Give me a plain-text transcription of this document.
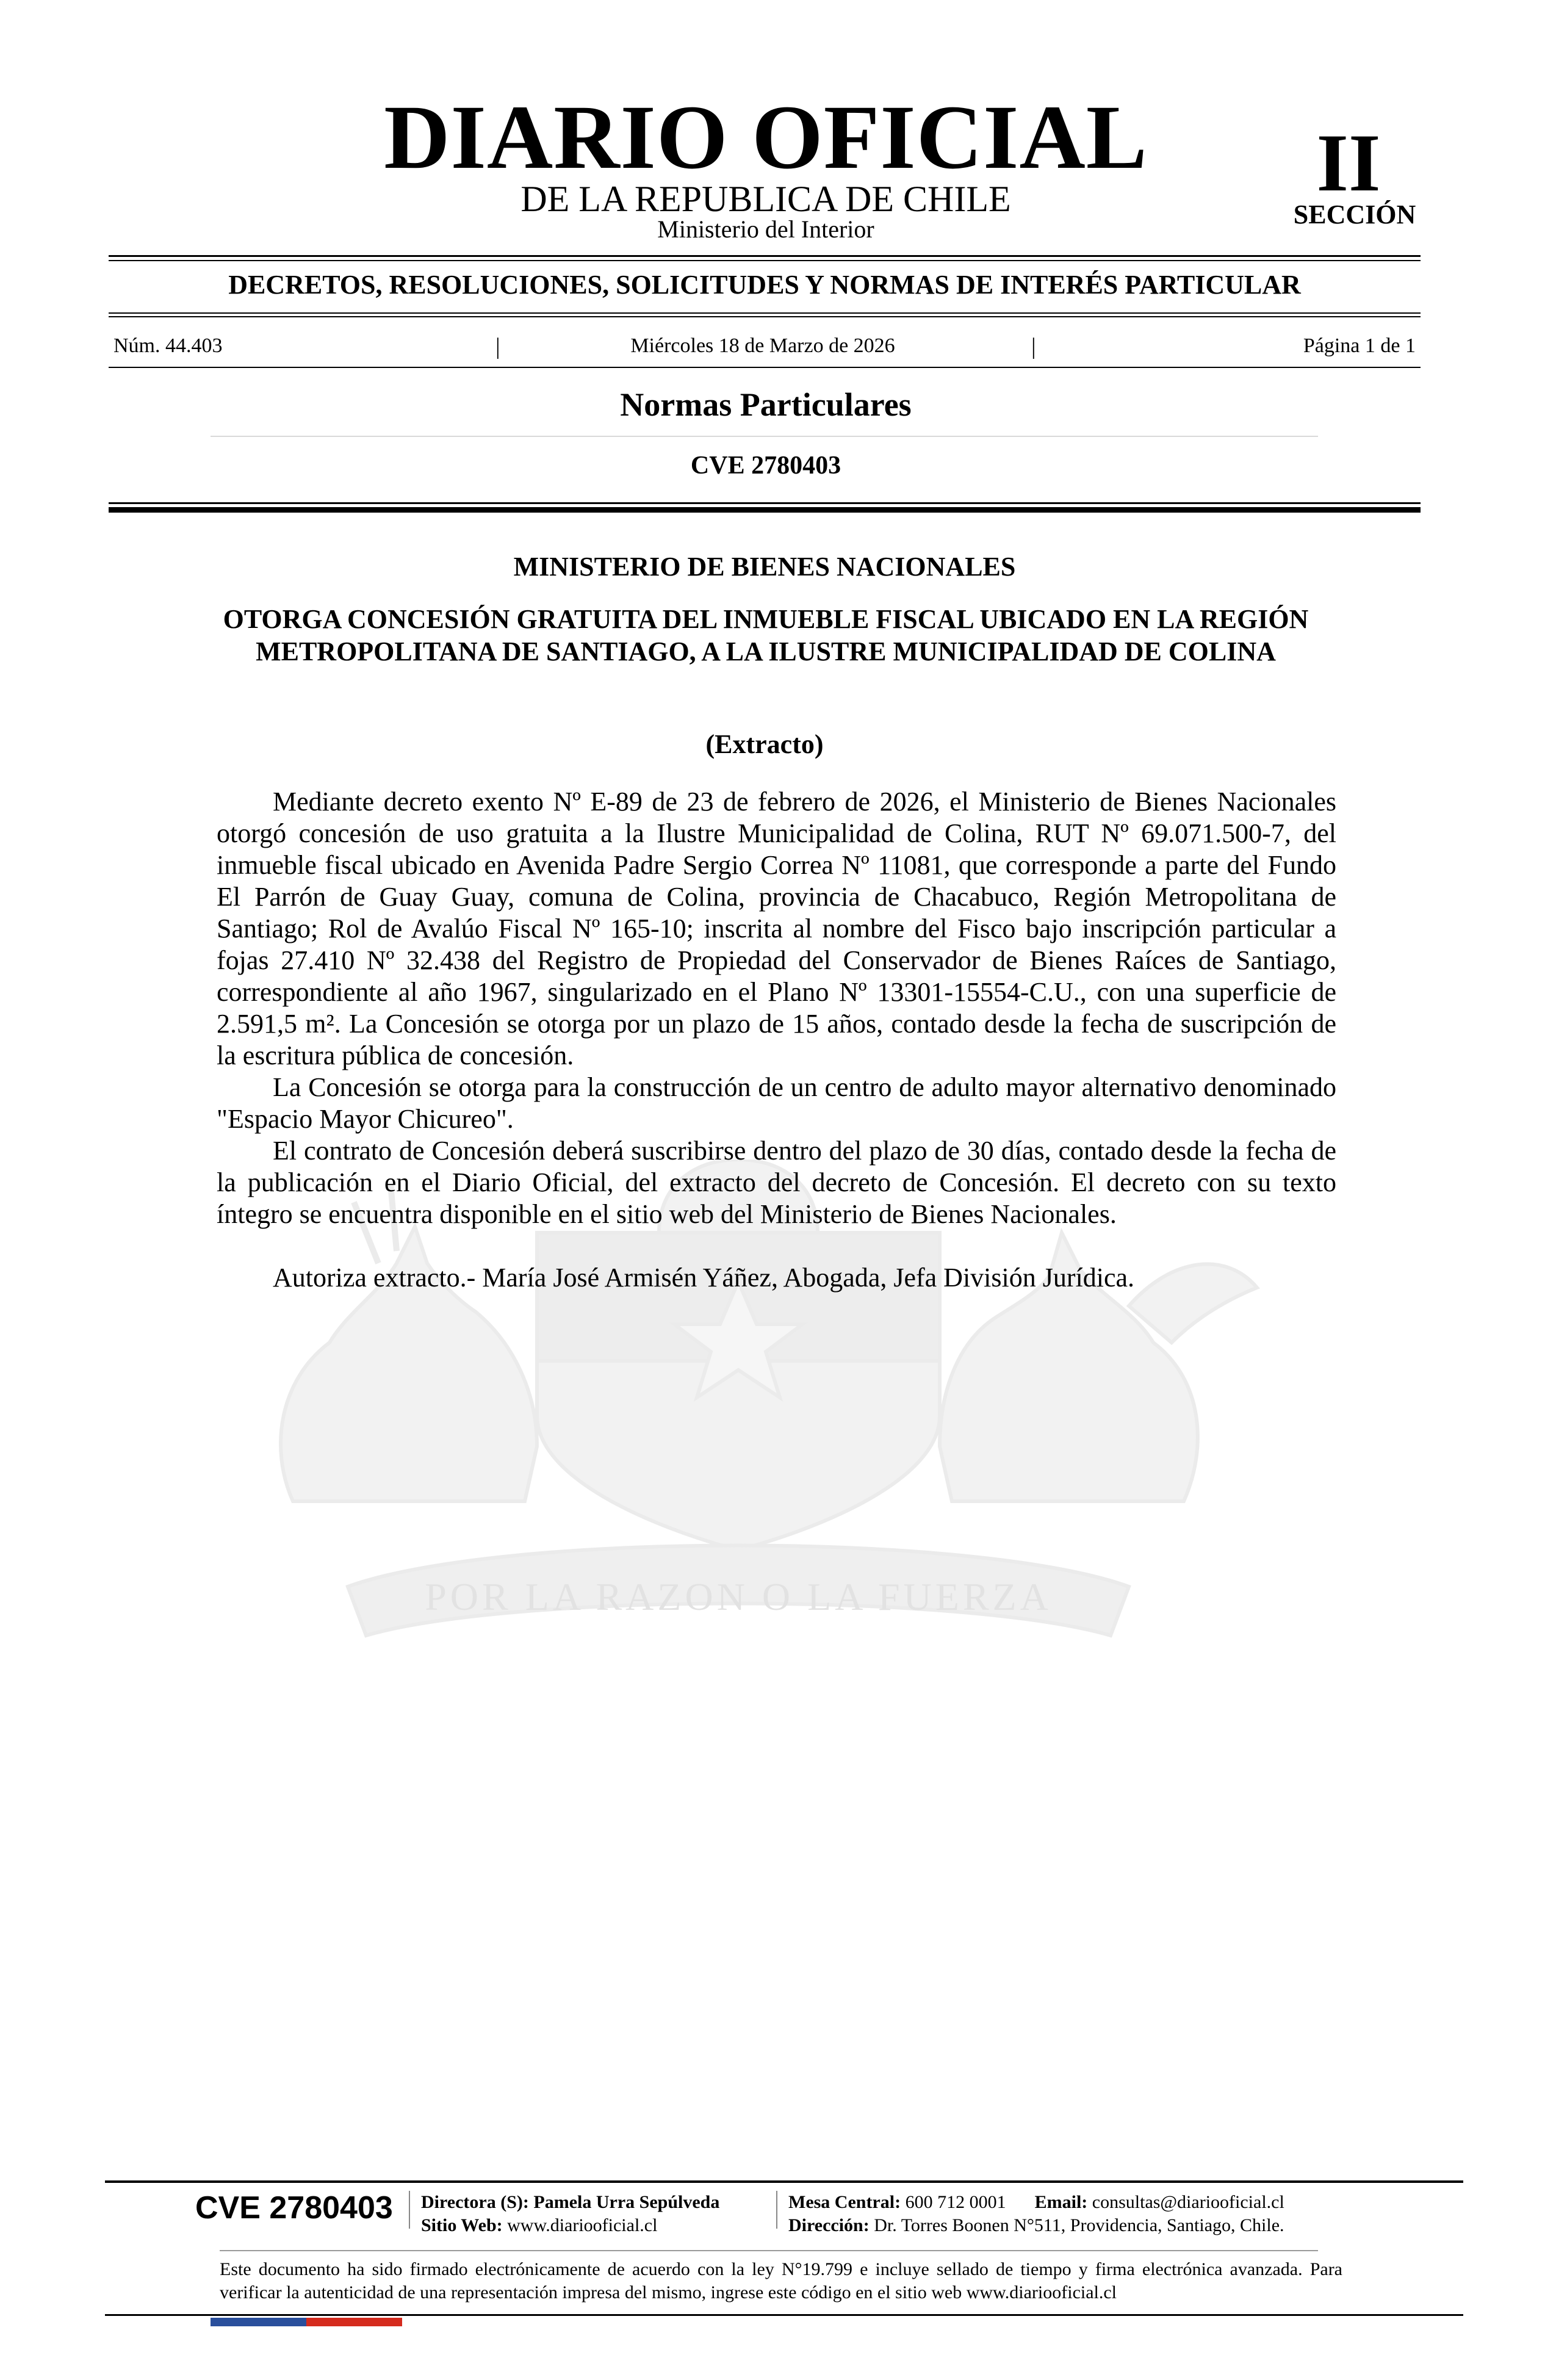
DIARIO OFICIAL
DE LA REPUBLICA DE CHILE
Ministerio del Interior
II
SECCIÓN
DECRETOS, RESOLUCIONES, SOLICITUDES Y NORMAS DE INTERÉS PARTICULAR
Núm. 44.403	|	Miércoles 18 de Marzo de 2026	|	Página 1 de 1
Normas Particulares
CVE 2780403
POR LA RAZON O LA FUERZA
MINISTERIO DE BIENES NACIONALES
OTORGA CONCESIÓN GRATUITA DEL INMUEBLE FISCAL UBICADO EN LA REGIÓN METROPOLITANA DE SANTIAGO, A LA ILUSTRE MUNICIPALIDAD DE COLINA
(Extracto)

Mediante decreto exento Nº E-89 de 23 de febrero de 2026, el Ministerio de Bienes Nacionales otorgó concesión de uso gratuita a la Ilustre Municipalidad de Colina, RUT Nº 69.071.500-7, del inmueble fiscal ubicado en Avenida Padre Sergio Correa Nº 11081, que corresponde a parte del Fundo El Parrón de Guay Guay, comuna de Colina, provincia de Chacabuco, Región Metropolitana de Santiago; Rol de Avalúo Fiscal Nº 165-10; inscrita al nombre del Fisco bajo inscripción particular a fojas 27.410 Nº 32.438 del Registro de Propiedad del Conservador de Bienes Raíces de Santiago, correspondiente al año 1967, singularizado en el Plano Nº 13301-15554-C.U., con una superficie de 2.591,5 m². La Concesión se otorga por un plazo de 15 años, contado desde la fecha de suscripción de la escritura pública de concesión.

La Concesión se otorga para la construcción de un centro de adulto mayor alternativo denominado "Espacio Mayor Chicureo".

El contrato de Concesión deberá suscribirse dentro del plazo de 30 días, contado desde la fecha de la publicación en el Diario Oficial, del extracto del decreto de Concesión. El decreto con su texto íntegro se encuentra disponible en el sitio web del Ministerio de Bienes Nacionales.

Autoriza extracto.- María José Armisén Yáñez, Abogada, Jefa División Jurídica.
CVE 2780403 Directora (S): Pamela Urra Sepúlveda
Sitio Web: www.diariooficial.cl
Mesa Central: 600 712 0001 Email: consultas@diariooficial.cl
Dirección: Dr. Torres Boonen N°511, Providencia, Santiago, Chile.
Este documento ha sido firmado electrónicamente de acuerdo con la ley N°19.799 e incluye sellado de tiempo y firma electrónica avanzada. Para verificar la autenticidad de una representación impresa del mismo, ingrese este código en el sitio web www.diariooficial.cl
